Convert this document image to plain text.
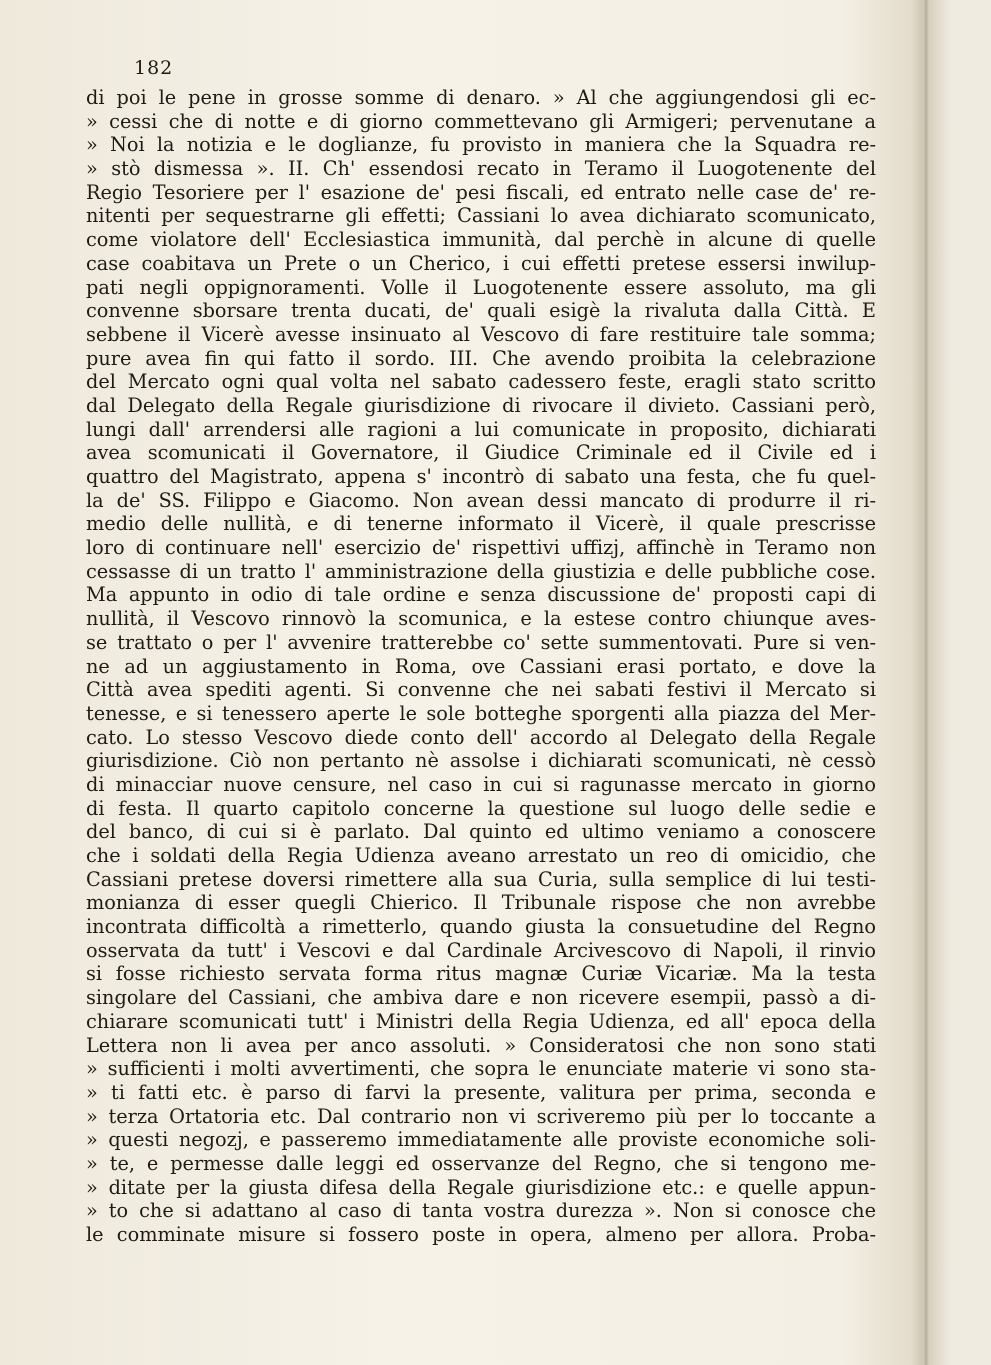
182
di poi le pene in grosse somme di denaro. » Al che aggiungendosi gli ec-
» cessi che di notte e di giorno commettevano gli Armigeri; pervenutane a
» Noi la notizia e le doglianze, fu provisto in maniera che la Squadra re-
» stò dismessa ». II. Ch' essendosi recato in Teramo il Luogotenente del
Regio Tesoriere per l' esazione de' pesi fiscali, ed entrato nelle case de' re-
nitenti per sequestrarne gli effetti; Cassiani lo avea dichiarato scomunicato,
come violatore dell' Ecclesiastica immunità, dal perchè in alcune di quelle
case coabitava un Prete o un Cherico, i cui effetti pretese essersi inwilup-
pati negli oppignoramenti. Volle il Luogotenente essere assoluto, ma gli
convenne sborsare trenta ducati, de' quali esigè la rivaluta dalla Città. E
sebbene il Vicerè avesse insinuato al Vescovo di fare restituire tale somma;
pure avea fin qui fatto il sordo. III. Che avendo proibita la celebrazione
del Mercato ogni qual volta nel sabato cadessero feste, eragli stato scritto
dal Delegato della Regale giurisdizione di rivocare il divieto. Cassiani però,
lungi dall' arrendersi alle ragioni a lui comunicate in proposito, dichiarati
avea scomunicati il Governatore, il Giudice Criminale ed il Civile ed i
quattro del Magistrato, appena s' incontrò di sabato una festa, che fu quel-
la de' SS. Filippo e Giacomo. Non avean dessi mancato di produrre il ri-
medio delle nullità, e di tenerne informato il Vicerè, il quale prescrisse
loro di continuare nell' esercizio de' rispettivi uffizj, affinchè in Teramo non
cessasse di un tratto l' amministrazione della giustizia e delle pubbliche cose.
Ma appunto in odio di tale ordine e senza discussione de' proposti capi di
nullità, il Vescovo rinnovò la scomunica, e la estese contro chiunque aves-
se trattato o per l' avvenire tratterebbe co' sette summentovati. Pure si ven-
ne ad un aggiustamento in Roma, ove Cassiani erasi portato, e dove la
Città avea spediti agenti. Si convenne che nei sabati festivi il Mercato si
tenesse, e si tenessero aperte le sole botteghe sporgenti alla piazza del Mer-
cato. Lo stesso Vescovo diede conto dell' accordo al Delegato della Regale
giurisdizione. Ciò non pertanto nè assolse i dichiarati scomunicati, nè cessò
di minacciar nuove censure, nel caso in cui si ragunasse mercato in giorno
di festa. Il quarto capitolo concerne la questione sul luogo delle sedie e
del banco, di cui si è parlato. Dal quinto ed ultimo veniamo a conoscere
che i soldati della Regia Udienza aveano arrestato un reo di omicidio, che
Cassiani pretese doversi rimettere alla sua Curia, sulla semplice di lui testi-
monianza di esser quegli Chierico. Il Tribunale rispose che non avrebbe
incontrata difficoltà a rimetterlo, quando giusta la consuetudine del Regno
osservata da tutt' i Vescovi e dal Cardinale Arcivescovo di Napoli, il rinvio
si fosse richiesto servata forma ritus magnæ Curiæ Vicariæ. Ma la testa
singolare del Cassiani, che ambiva dare e non ricevere esempii, passò a di-
chiarare scomunicati tutt' i Ministri della Regia Udienza, ed all' epoca della
Lettera non li avea per anco assoluti. » Consideratosi che non sono stati
» sufficienti i molti avvertimenti, che sopra le enunciate materie vi sono sta-
» ti fatti etc. è parso di farvi la presente, valitura per prima, seconda e
» terza Ortatoria etc. Dal contrario non vi scriveremo più per lo toccante a
» questi negozj, e passeremo immediatamente alle proviste economiche soli-
» te, e permesse dalle leggi ed osservanze del Regno, che si tengono me-
» ditate per la giusta difesa della Regale giurisdizione etc.: e quelle appun-
» to che si adattano al caso di tanta vostra durezza ». Non si conosce che
le comminate misure si fossero poste in opera, almeno per allora. Proba-
